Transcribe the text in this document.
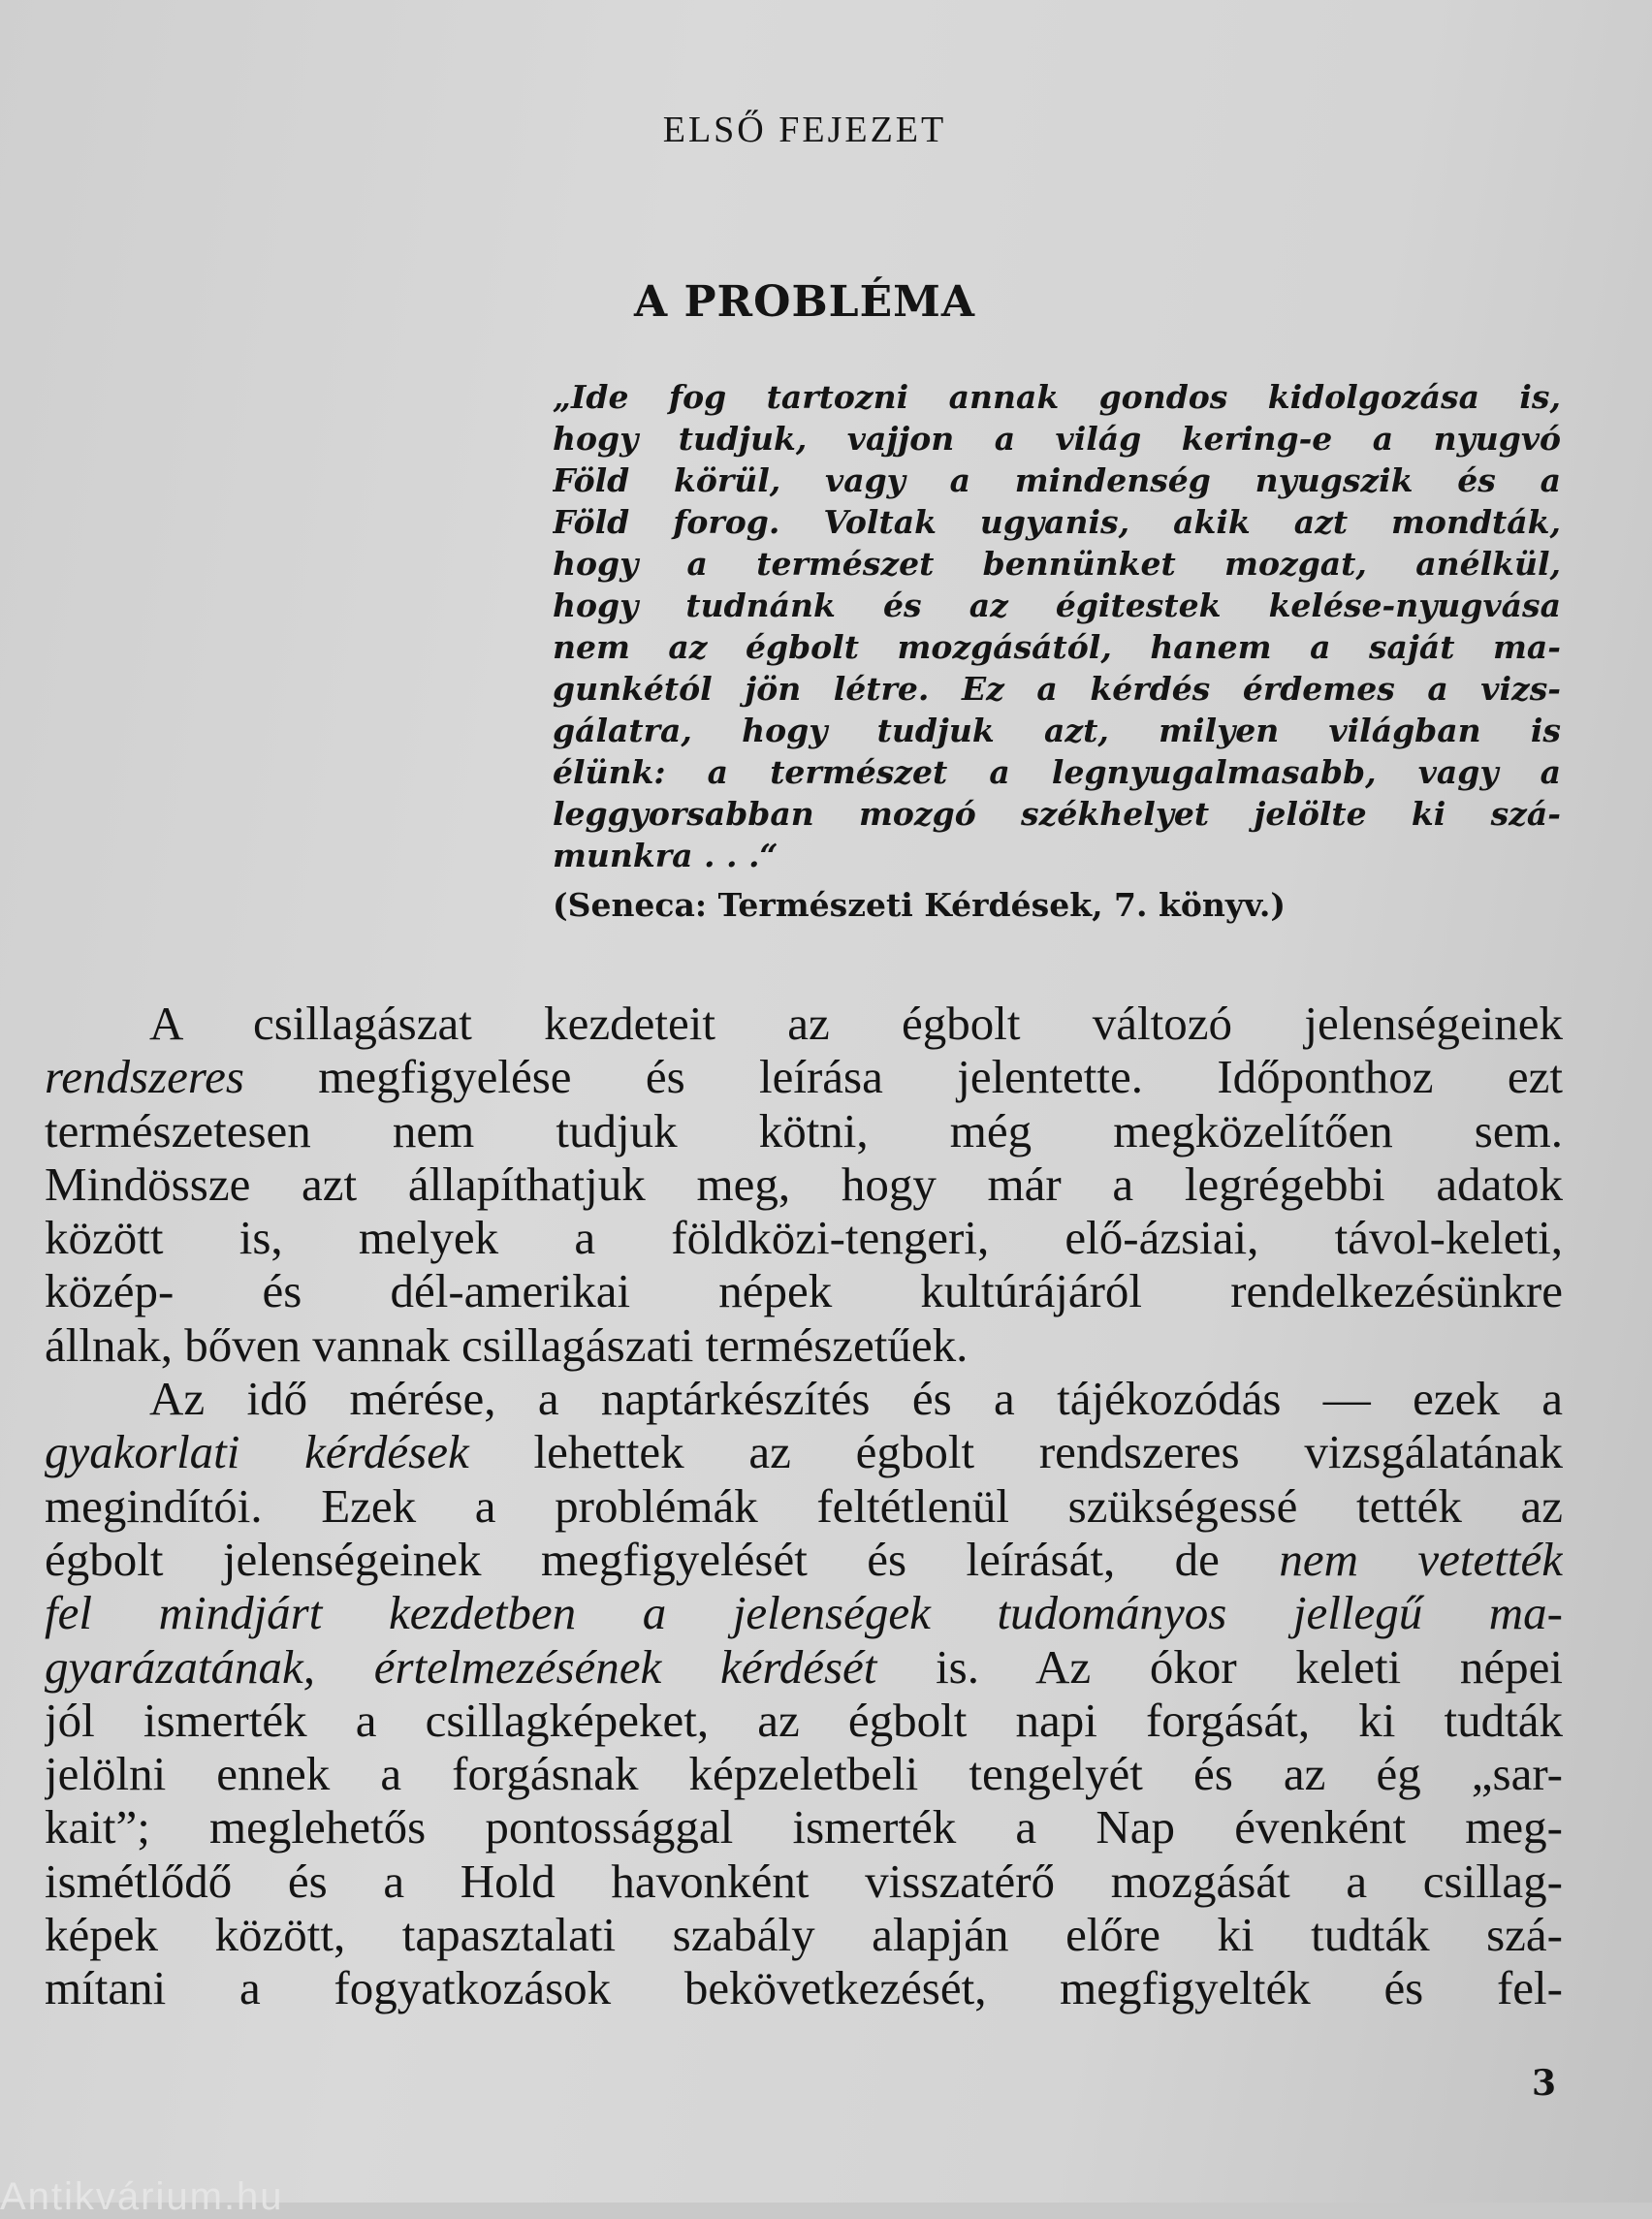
ELSŐ FEJEZET
A PROBLÉMA
„Ide fog tartozni annak gondos kidolgozása is,
hogy tudjuk, vajjon a világ kering-e a nyugvó
Föld körül, vagy a mindenség nyugszik és a
Föld forog. Voltak ugyanis, akik azt mondták,
hogy a természet bennünket mozgat, anélkül,
hogy tudnánk és az égitestek kelése-nyugvása
nem az égbolt mozgásától, hanem a saját ma-
gunkétól jön létre. Ez a kérdés érdemes a vizs-
gálatra, hogy tudjuk azt, milyen világban is
élünk: a természet a legnyugalmasabb, vagy a
leggyorsabban mozgó székhelyet jelölte ki szá-
munkra . . .“
(Seneca: Természeti Kérdések, 7. könyv.)
A csillagászat kezdeteit az égbolt változó jelenségeinek
rendszeres megfigyelése és leírása jelentette. Időponthoz ezt
természetesen nem tudjuk kötni, még megközelítően sem.
Mindössze azt állapíthatjuk meg, hogy már a legrégebbi adatok
között is, melyek a földközi-tengeri, elő-ázsiai, távol-keleti,
közép- és dél-amerikai népek kultúrájáról rendelkezésünkre
állnak, bőven vannak csillagászati természetűek.
Az idő mérése, a naptárkészítés és a tájékozódás — ezek a
gyakorlati kérdések lehettek az égbolt rendszeres vizsgálatának
megindítói. Ezek a problémák feltétlenül szükségessé tették az
égbolt jelenségeinek megfigyelését és leírását, de nem vetették
fel mindjárt kezdetben a jelenségek tudományos jellegű ma-
gyarázatának, értelmezésének kérdését is. Az ókor keleti népei
jól ismerték a csillagképeket, az égbolt napi forgását, ki tudták
jelölni ennek a forgásnak képzeletbeli tengelyét és az ég „sar-
kait”; meglehetős pontossággal ismerték a Nap évenként meg-
ismétlődő és a Hold havonként visszatérő mozgását a csillag-
képek között, tapasztalati szabály alapján előre ki tudták szá-
mítani a fogyatkozások bekövetkezését, megfigyelték és fel-
3
Antikvárium.hu
